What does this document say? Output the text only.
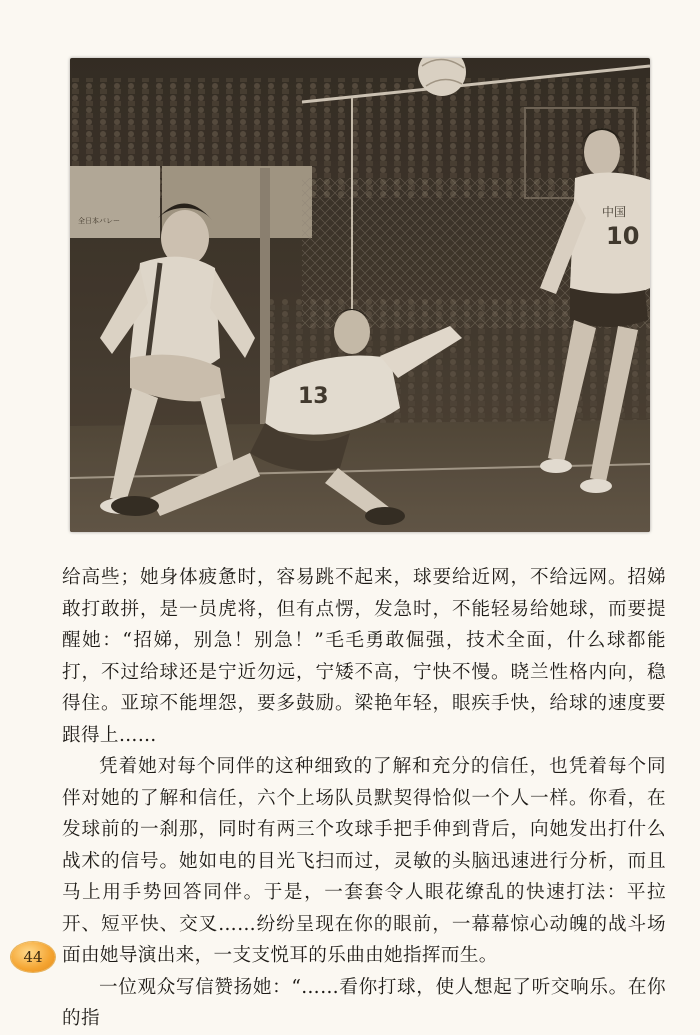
全日本バレー
13
中国
10

给高些；她身体疲惫时，容易跳不起来，球要给近网，不给远网。招娣敢打敢拼，是一员虎将，但有点愣，发急时，不能轻易给她球，而要提醒她：“招娣，别急！别急！”毛毛勇敢倔强，技术全面，什么球都能打，不过给球还是宁近勿远，宁矮不高，宁快不慢。晓兰性格内向，稳得住。亚琼不能埋怨，要多鼓励。梁艳年轻，眼疾手快，给球的速度要跟得上……

凭着她对每个同伴的这种细致的了解和充分的信任，也凭着每个同伴对她的了解和信任，六个上场队员默契得恰似一个人一样。你看，在发球前的一刹那，同时有两三个攻球手把手伸到背后，向她发出打什么战术的信号。她如电的目光飞扫而过，灵敏的头脑迅速进行分析，而且马上用手势回答同伴。于是，一套套令人眼花缭乱的快速打法：平拉开、短平快、交叉……纷纷呈现在你的眼前，一幕幕惊心动魄的战斗场面由她导演出来，一支支悦耳的乐曲由她指挥而生。

一位观众写信赞扬她：“……看你打球，使人想起了听交响乐。在你的指

44
